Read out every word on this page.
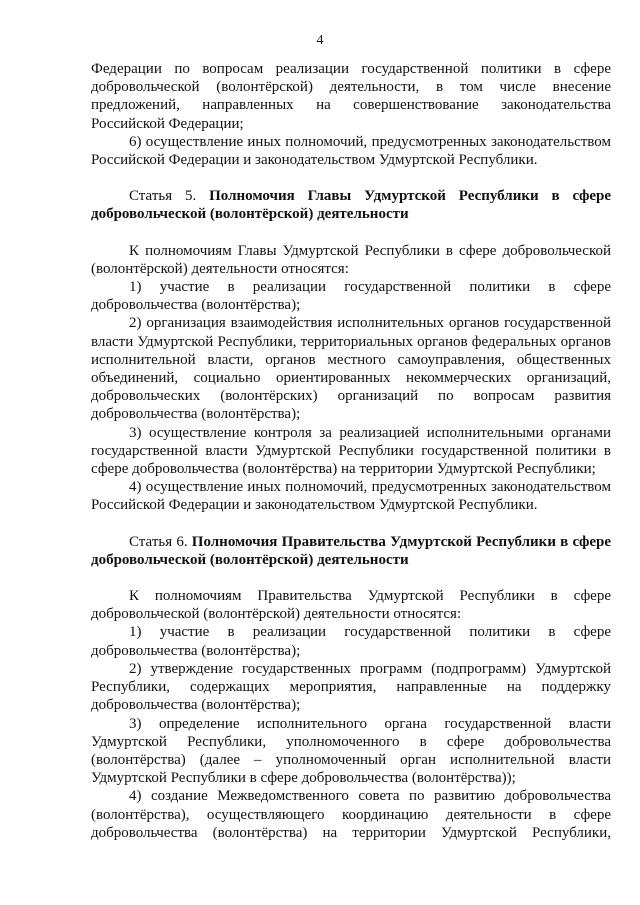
4

Федерации по вопросам реализации государственной политики в сфере добровольческой (волонтёрской) деятельности, в том числе внесение предложений, направленных на совершенствование законодательства Российской Федерации;

6) осуществление иных полномочий, предусмотренных законодательством Российской Федерации и законодательством Удмуртской Республики.

Статья 5. Полномочия Главы Удмуртской Республики в сфере добровольческой (волонтёрской) деятельности

К полномочиям Главы Удмуртской Республики в сфере добровольческой (волонтёрской) деятельности относятся:

1) участие в реализации государственной политики в сфере добровольчества (волонтёрства);

2) организация взаимодействия исполнительных органов государственной власти Удмуртской Республики, территориальных органов федеральных органов исполнительной власти, органов местного самоуправления, общественных объединений, социально ориентированных некоммерческих организаций, добровольческих (волонтёрских) организаций по вопросам развития добровольчества (волонтёрства);

3) осуществление контроля за реализацией исполнительными органами государственной власти Удмуртской Республики государственной политики в сфере добровольчества (волонтёрства) на территории Удмуртской Республики;

4) осуществление иных полномочий, предусмотренных законодательством Российской Федерации и законодательством Удмуртской Республики.

Статья 6. Полномочия Правительства Удмуртской Республики в сфере добровольческой (волонтёрской) деятельности

К полномочиям Правительства Удмуртской Республики в сфере добровольческой (волонтёрской) деятельности относятся:

1) участие в реализации государственной политики в сфере добровольчества (волонтёрства);

2) утверждение государственных программ (подпрограмм) Удмуртской Республики, содержащих мероприятия, направленные на поддержку добровольчества (волонтёрства);

3) определение исполнительного органа государственной власти Удмуртской Республики, уполномоченного в сфере добровольчества (волонтёрства) (далее – уполномоченный орган исполнительной власти Удмуртской Республики в сфере добровольчества (волонтёрства));

4) создание Межведомственного совета по развитию добровольчества (волонтёрства), осуществляющего координацию деятельности в сфере добровольчества (волонтёрства) на территории Удмуртской Республики,
